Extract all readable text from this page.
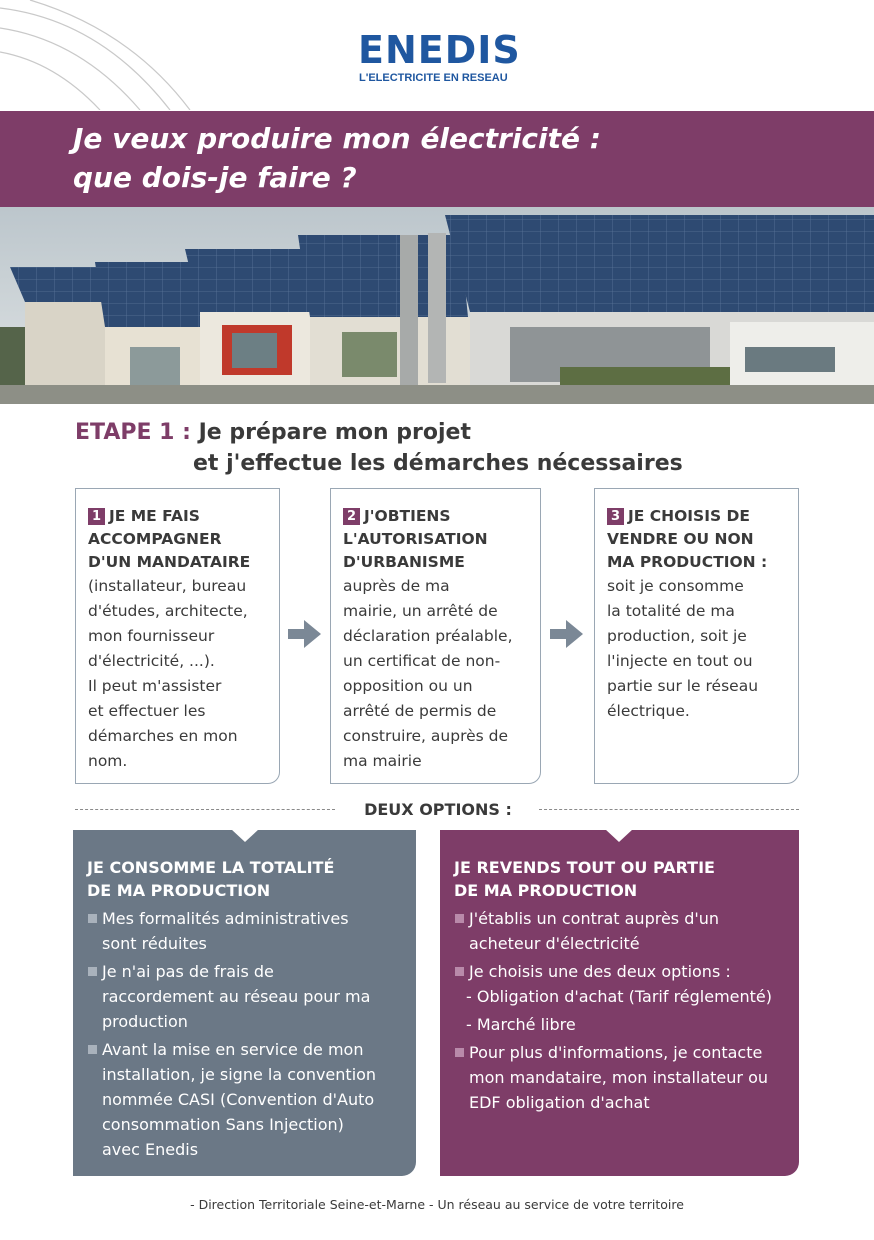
ENEDIS
L'ELECTRICITE EN RESEAU
Je veux produire mon électricité :
que dois-je faire ?
ETAPE 1 : Je prépare mon projet
et j'effectue les démarches nécessaires
1 JE ME FAIS
ACCOMPAGNER
D'UN MANDATAIRE
(installateur, bureau
d'études, architecte,
mon fournisseur
d'électricité, ...).
Il peut m'assister
et effectuer les
démarches en mon
nom.
2 J'OBTIENS
L'AUTORISATION
D'URBANISME
auprès de ma
mairie, un arrêté de
déclaration préalable,
un certificat de non-
opposition ou un
arrêté de permis de
construire, auprès de
ma mairie
3 JE CHOISIS DE
VENDRE OU NON
MA PRODUCTION :
soit je consomme
la totalité de ma
production, soit je
l'injecte en tout ou
partie sur le réseau
électrique.
DEUX OPTIONS :
JE CONSOMME LA TOTALITÉ
DE MA PRODUCTION
Mes formalités administratives
sont réduites
Je n'ai pas de frais de
raccordement au réseau pour ma
production
Avant la mise en service de mon
installation, je signe la convention
nommée CASI (Convention d'Auto
consommation Sans Injection)
avec Enedis
JE REVENDS TOUT OU PARTIE
DE MA PRODUCTION
J'établis un contrat auprès d'un
acheteur d'électricité
Je choisis une des deux options :
- Obligation d'achat (Tarif réglementé)
- Marché libre
Pour plus d'informations, je contacte
mon mandataire, mon installateur ou
EDF obligation d'achat
- Direction Territoriale Seine-et-Marne - Un réseau au service de votre territoire
